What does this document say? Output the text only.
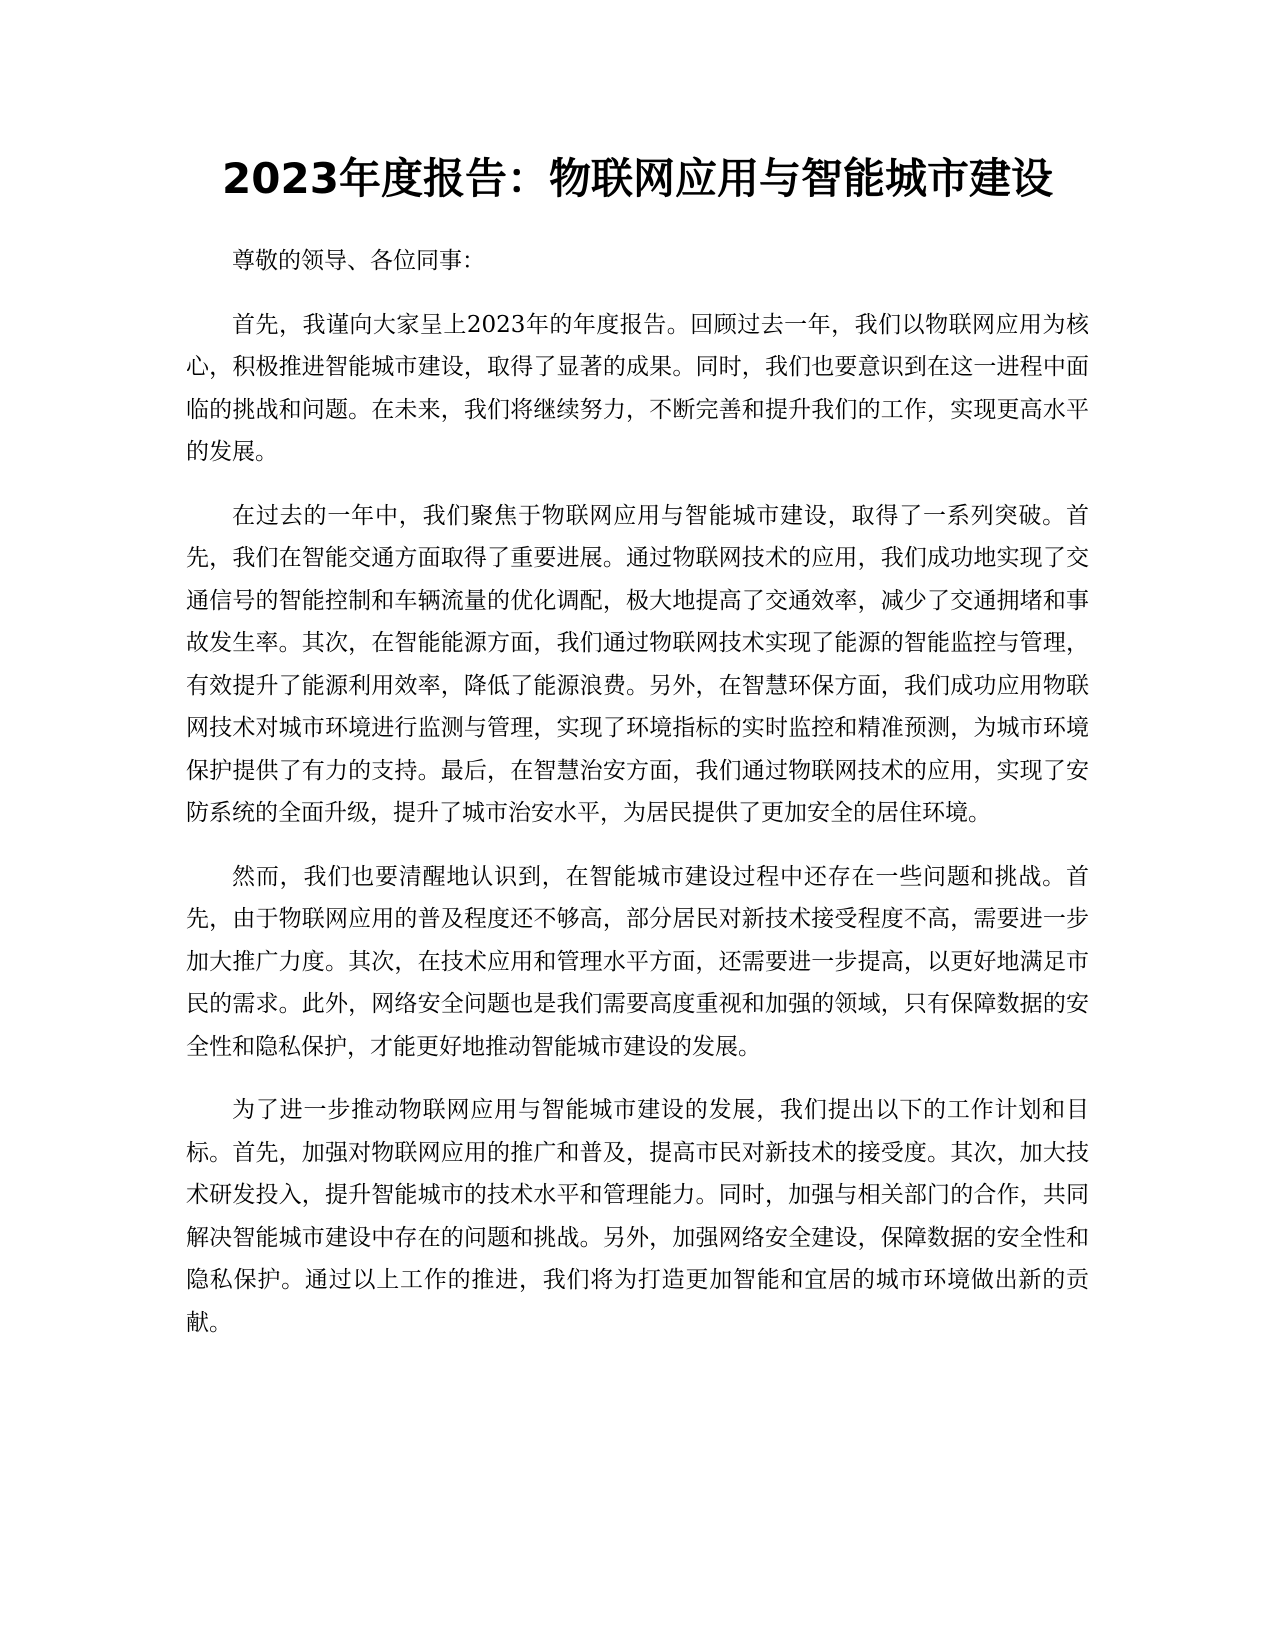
2023年度报告：物联网应用与智能城市建设

尊敬的领导、各位同事：

首先，我谨向大家呈上2023年的年度报告。回顾过去一年，我们以物联网应用为核心，积极推进智能城市建设，取得了显著的成果。同时，我们也要意识到在这一进程中面临的挑战和问题。在未来，我们将继续努力，不断完善和提升我们的工作，实现更高水平的发展。

在过去的一年中，我们聚焦于物联网应用与智能城市建设，取得了一系列突破。首先，我们在智能交通方面取得了重要进展。通过物联网技术的应用，我们成功地实现了交通信号的智能控制和车辆流量的优化调配，极大地提高了交通效率，减少了交通拥堵和事故发生率。其次，在智能能源方面，我们通过物联网技术实现了能源的智能监控与管理，有效提升了能源利用效率，降低了能源浪费。另外，在智慧环保方面，我们成功应用物联网技术对城市环境进行监测与管理，实现了环境指标的实时监控和精准预测，为城市环境保护提供了有力的支持。最后，在智慧治安方面，我们通过物联网技术的应用，实现了安防系统的全面升级，提升了城市治安水平，为居民提供了更加安全的居住环境。

然而，我们也要清醒地认识到，在智能城市建设过程中还存在一些问题和挑战。首先，由于物联网应用的普及程度还不够高，部分居民对新技术接受程度不高，需要进一步加大推广力度。其次，在技术应用和管理水平方面，还需要进一步提高，以更好地满足市民的需求。此外，网络安全问题也是我们需要高度重视和加强的领域，只有保障数据的安全性和隐私保护，才能更好地推动智能城市建设的发展。

为了进一步推动物联网应用与智能城市建设的发展，我们提出以下的工作计划和目标。首先，加强对物联网应用的推广和普及，提高市民对新技术的接受度。其次，加大技术研发投入，提升智能城市的技术水平和管理能力。同时，加强与相关部门的合作，共同解决智能城市建设中存在的问题和挑战。另外，加强网络安全建设，保障数据的安全性和隐私保护。通过以上工作的推进，我们将为打造更加智能和宜居的城市环境做出新的贡献。
